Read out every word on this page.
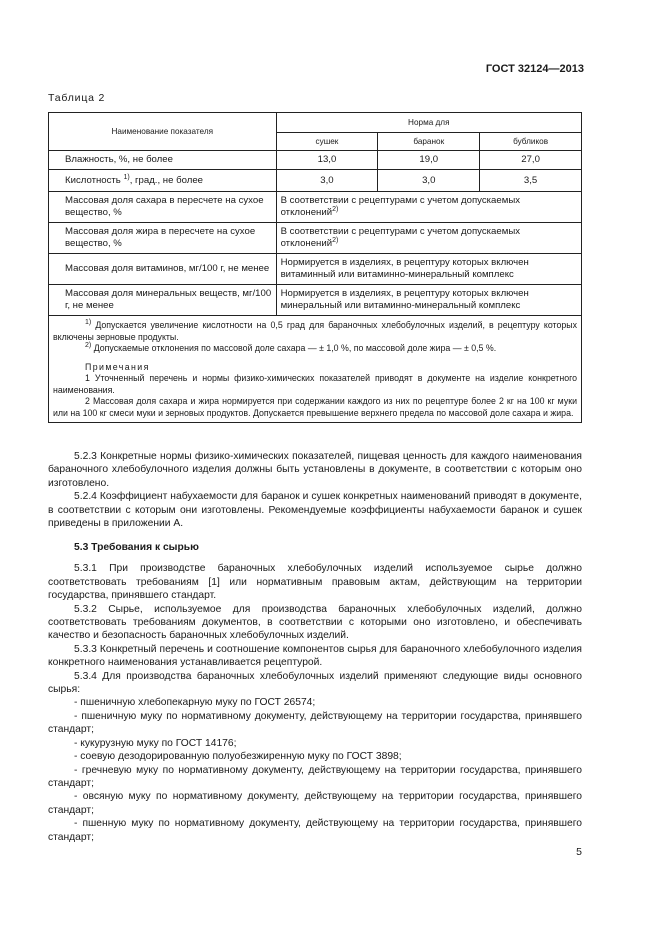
ГОСТ 32124—2013
Таблица 2
Наименование показателя	Норма для		
	сушек	баранок	бубликов
Влажность, %, не более	13,0	19,0	27,0
Кислотность $^{1)}$, град., не более	3,0	3,0	3,5
Массовая доля сахара в пересчете на сухое вещество, %	В соответствии с рецептурами с учетом допускаемых отклонений$^{2)}$
Массовая доля жира в пересчете на сухое вещество, %	В соответствии с рецептурами с учетом допускаемых отклонений$^{2)}$
Массовая доля витаминов, мг/100 г, не менее	Нормируется в изделиях, в рецептуру которых включен витаминный или витаминно-минеральный комплекс		
Массовая доля минеральных веществ, мг/100 г, не менее	Нормируется в изделиях, в рецептуру которых включен минеральный или витаминно-минеральный комплекс		

$^{1)}$ Допускается увеличение кислотности на 0,5 град для бараночных хлебобулочных изделий, в рецептуру которых включены зерновые продукты.

$^{2)}$ Допускаемые отклонения по массовой доле сахара — ± 1,0 %, по массовой доле жира — ± 0,5 %.

Примечания

1 Уточненный перечень и нормы физико-химических показателей приводят в документе на изделие конкретного наименования.

2 Массовая доля сахара и жира нормируется при содержании каждого из них по рецептуре более 2 кг на 100 кг муки или на 100 кг смеси муки и зерновых продуктов. Допускается превышение верхнего предела по массовой доле сахара и жира.			

5.2.3 Конкретные нормы физико-химических показателей, пищевая ценность для каждого наименования бараночного хлебобулочного изделия должны быть установлены в документе, в соответствии с которым оно изготовлено.

5.2.4 Коэффициент набухаемости для баранок и сушек конкретных наименований приводят в документе, в соответствии с которым они изготовлены. Рекомендуемые коэффициенты набухаемости баранок и сушек приведены в приложении А.

5.3 Требования к сырью

5.3.1 При производстве бараночных хлебобулочных изделий используемое сырье должно соответствовать требованиям [1] или нормативным правовым актам, действующим на территории государства, принявшего стандарт.

5.3.2 Сырье, используемое для производства бараночных хлебобулочных изделий, должно соответствовать требованиям документов, в соответствии с которыми оно изготовлено, и обеспечивать качество и безопасность бараночных хлебобулочных изделий.

5.3.3 Конкретный перечень и соотношение компонентов сырья для бараночного хлебобулочного изделия конкретного наименования устанавливается рецептурой.

5.3.4 Для производства бараночных хлебобулочных изделий применяют следующие виды основного сырья:

- пшеничную хлебопекарную муку по ГОСТ 26574;

- пшеничную муку по нормативному документу, действующему на территории государства, принявшего стандарт;

- кукурузную муку по ГОСТ 14176;

- соевую дезодорированную полуобезжиренную муку по ГОСТ 3898;

- гречневую муку по нормативному документу, действующему на территории государства, принявшего стандарт;

- овсяную муку по нормативному документу, действующему на территории государства, принявшего стандарт;

- пшенную муку по нормативному документу, действующему на территории государства, принявшего стандарт;

5
